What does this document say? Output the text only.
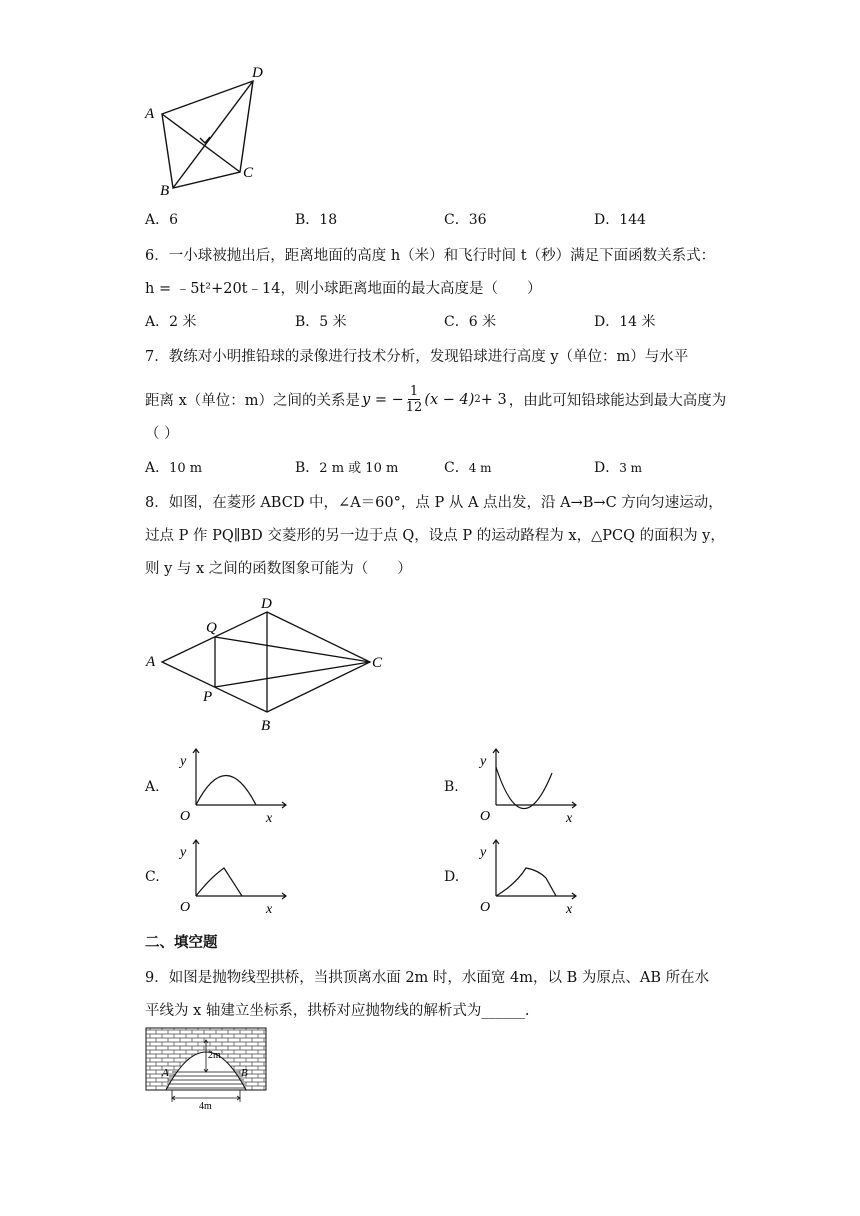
A
D
C
B
A．6	B．18	C．36	D．144
6．一小球被抛出后，距离地面的高度 h（米）和飞行时间 t（秒）满足下面函数关系式：
h = ﹣5t²+20t﹣14，则小球距离地面的最大高度是（　　）
A．2 米	B．5 米	C．6 米	D．14 米
7．教练对小明推铅球的录像进行技术分析，发现铅球进行高度 y（单位：m）与水平
距离 x（单位：m）之间的关系是 y = − $\frac{1}{12} (x - 4) 2 + 3$ ，由此可知铅球能达到最大高度为
（ ）
A．10 m	B．2 m 或 10 m	C．4 m	D．3 m
8．如图，在菱形 ABCD 中，∠A＝60°，点 P 从 A 点出发，沿 A→B→C 方向匀速运动，
过点 P 作 PQ∥BD 交菱形的另一边于点 Q，设点 P 的运动路程为 x，△PCQ 的面积为 y，
则 y 与 x 之间的函数图象可能为（　　）
A
D
C
B
Q
P
A.	B.
C.	D.
y
O	x
y
O	x
y
O	x
y
O	x
二、填空题
9．如图是抛物线型拱桥，当拱顶离水面 2m 时，水面宽 4m，以 B 为原点、AB 所在水
平线为 x 轴建立坐标系，拱桥对应抛物线的解析式为______.
2m
4m
A	B
